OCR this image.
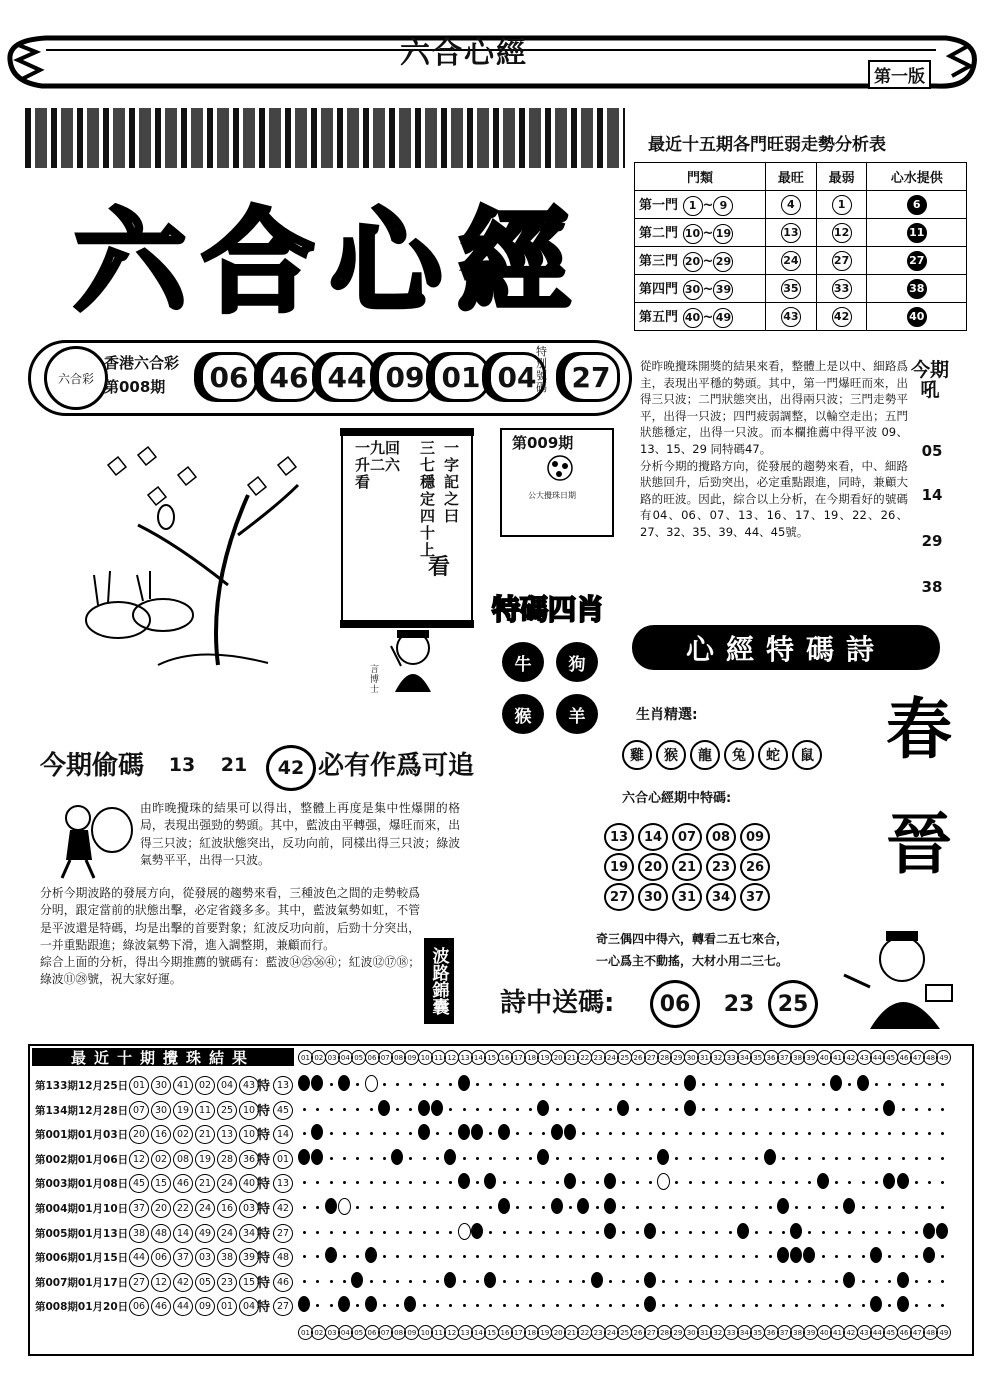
六合心經
第一版
六合心經
六合彩
香港六合彩
第008期	06 46 44 09 01 04
特別號碼 27
最近十五期各門旺弱走勢分析表
門類	最旺	最弱	心水提供
第一門 1 ~ 9	4	1	6
第二門 10 ~ 19	13	12	11
第三門 20 ~ 29	24	27	27
第四門 30 ~ 39	35	33	38
第五門 40 ~ 49	43	42	40
從昨晚攪珠開獎的結果來看，整體上是以中、細路爲主，表現出平穩的勢頭。其中，第一門爆旺而來，出得三只波；二門狀態突出，出得兩只波；三門走勢平平，出得一只波；四門疲弱調整，以輪空走出；五門狀態穩定，出得一只波。而本欄推薦中得平波 09、13、15、29 同特碼47。
分析今期的攪路方向，從發展的趨勢來看，中、細路狀態回升，后勁突出，必定重點跟進，同時，兼顧大路的旺波。因此，綜合以上分析，在今期看好的號碼有04、06、07、13、16、17、19、22、26、27、32、35、39、44、45號。
今期吼
05
14
29
38
一九回升二六看
三七穩定四十上
一字記之曰
看
言博士
第009期
公大攪珠日期
特碼四肖
牛	狗
猴	羊
心經特碼詩
生肖精選:
雞	猴	龍	兔	蛇	鼠
六合心經期中特碼:
13	14	07	08	09
19	20	21	23	26
27	30	31	34	37
奇三偶四中得六，轉看二五七來合，
一心爲主不動搖，大材小用二三七。
春
晉
詩中送碼:	06	23	25
今期偷碼	13	21	42 必有作爲可追
由昨晚攪珠的結果可以得出，整體上再度是集中性爆開的格局，表現出强勁的勢頭。其中，藍波由平轉强，爆旺而來，出得三只波；紅波狀態突出，反功向前，同樣出得三只波；綠波氣勢平平，出得一只波。
分析今期波路的發展方向，從發展的趨勢來看，三種波色之間的走勢較爲分明，跟定當前的狀態出擊，必定省錢多多。其中，藍波氣勢如虹，不管是平波還是特碼，均是出擊的首要對象；紅波反功向前，后勁十分突出，一并重點跟進；綠波氣勢下滑，進入調整期，兼顧而行。
綜合上面的分析，得出今期推薦的號碼有：藍波⑭㉕㊱㊶；紅波⑫⑰⑱；綠波⑪㉘號，祝大家好運。	波路錦囊
最近十期攪珠結果	01
01
02
02
03
03
04
04
05
05
06
06
07
07
08
08
09
09
10
10
11
11
12
12
13
13
14
14
15
15
16
16
17
17
18
18
19
19
20
20
21
21
22
22
23
23
24
24
25
25
26
26
27
27
28
28
29
29
30
30
31
31
32
32
33
33
34
34
35
35
36
36
37
37
38
38
39
39
40
40
41
41
42
42
43
43
44
44
45
45
46
46
47
47
48
48
49
49
第133期12月25日 01	30	41	02	04	43 特 13
第134期12月28日 07	30	19	11	25	10 特 45
第001期01月03日 20	16	02	21	13	10 特 14
第002期01月06日 12	02	08	19	28	36 特 01
第003期01月08日 45	15	46	21	24	40 特 13
第004期01月10日 37	20	22	24	16	03 特 42
第005期01月13日 38	48	14	49	24	34 特 27
第006期01月15日 44	06	37	03	38	39 特 48
第007期01月17日 27	12	42	05	23	15 特 46
第008期01月20日 06	46	44	09	01	04 特 27
